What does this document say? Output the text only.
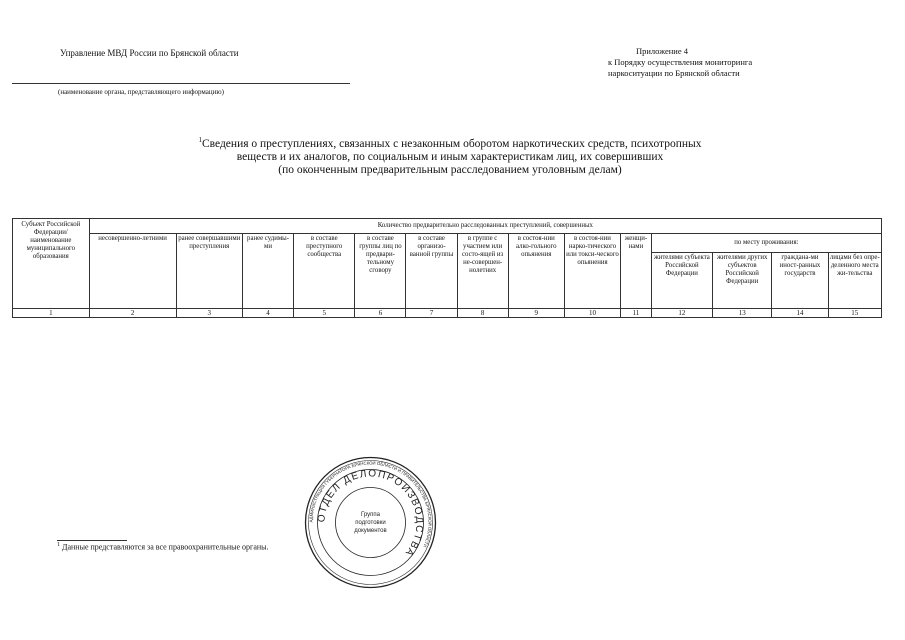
Управление МВД России по Брянской области
(наименование органа, представляющего информацию)
Приложение 4
к Порядку осуществления мониторинга
наркоситуации по Брянской области
$^1$Сведения о преступлениях, связанных с незаконным оборотом наркотических средств, психотропных
веществ и их аналогов, по социальным и иным характеристикам лиц, их совершивших
(по оконченным предварительным расследованием уголовным делам)
Субъект Российской Федерации/ наименование муниципального образования	Количество предварительно расследованных преступлений, совершенных													
	несовершенно-летними	ранее совершавшими преступления	ранее судимы-ми	в составе преступного сообщества	в составе группы лиц по предвари-тельному сговору	в составе организо-ванной группы	в группе с участием или состо-ящей из не-совершен-нолетних	в состоя-нии алко-гольного опьянения	в состоя-нии нарко-тического или токси-ческого опьянения	женщи-нами	по месту проживания:			
											жителями субъекта Российской Федерации	жителями других субъектов Российской Федерации	граждана-ми иност-ранных государств	лицами без опре-деленного места жи-тельства
1	2	3	4	5	6	7	8	9	10	11	12	13	14	15
$^1$ Данные представляются за все правоохранительные органы.
АДМИНИСТРАЦИЯ ГУБЕРНАТОРА БРЯНСКОЙ ОБЛАСТИ И ПРАВИТЕЛЬСТВА БРЯНСКОЙ ОБЛАСТИ
ОТДЕЛ ДЕЛОПРОИЗВОДСТВА
Группа
подготовки
документов
